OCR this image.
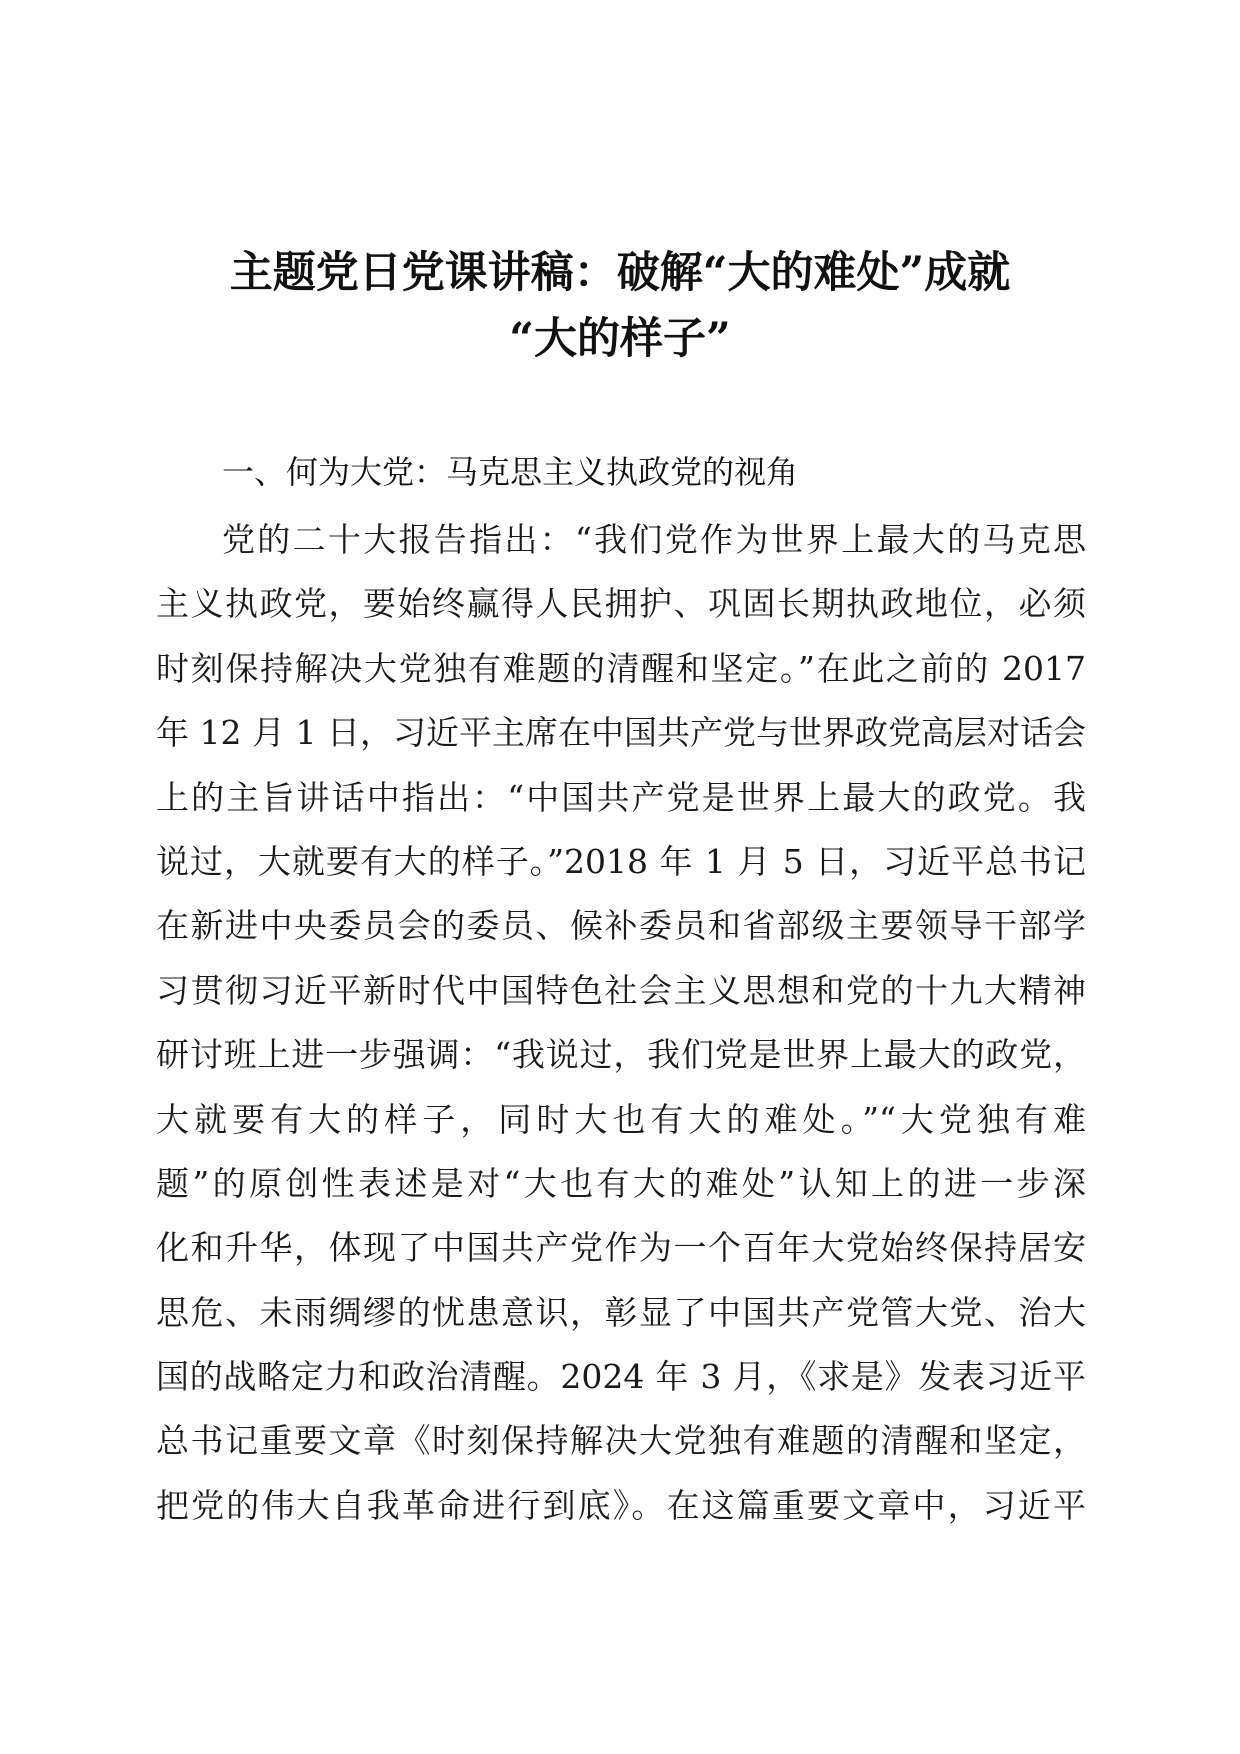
主题党日党课讲稿：破解“大的难处”成就
“大的样子”
一、何为大党：马克思主义执政党的视角
党的二十大报告指出：“我们党作为世界上最大的马克思
主义执政党，要始终赢得人民拥护、巩固长期执政地位，必须
时刻保持解决大党独有难题的清醒和坚定。”在此之前的 2017
年 12 月 1 日，习近平主席在中国共产党与世界政党高层对话会
上的主旨讲话中指出：“中国共产党是世界上最大的政党。我
说过，大就要有大的样子。”2018 年 1 月 5 日，习近平总书记
在新进中央委员会的委员、候补委员和省部级主要领导干部学
习贯彻习近平新时代中国特色社会主义思想和党的十九大精神
研讨班上进一步强调：“我说过，我们党是世界上最大的政党，
大就要有大的样子，同时大也有大的难处。”“大党独有难
题”的原创性表述是对“大也有大的难处”认知上的进一步深
化和升华，体现了中国共产党作为一个百年大党始终保持居安
思危、未雨绸缪的忧患意识，彰显了中国共产党管大党、治大
国的战略定力和政治清醒。2024 年 3 月，《求是》发表习近平
总书记重要文章《时刻保持解决大党独有难题的清醒和坚定，
把党的伟大自我革命进行到底》。在这篇重要文章中，习近平
